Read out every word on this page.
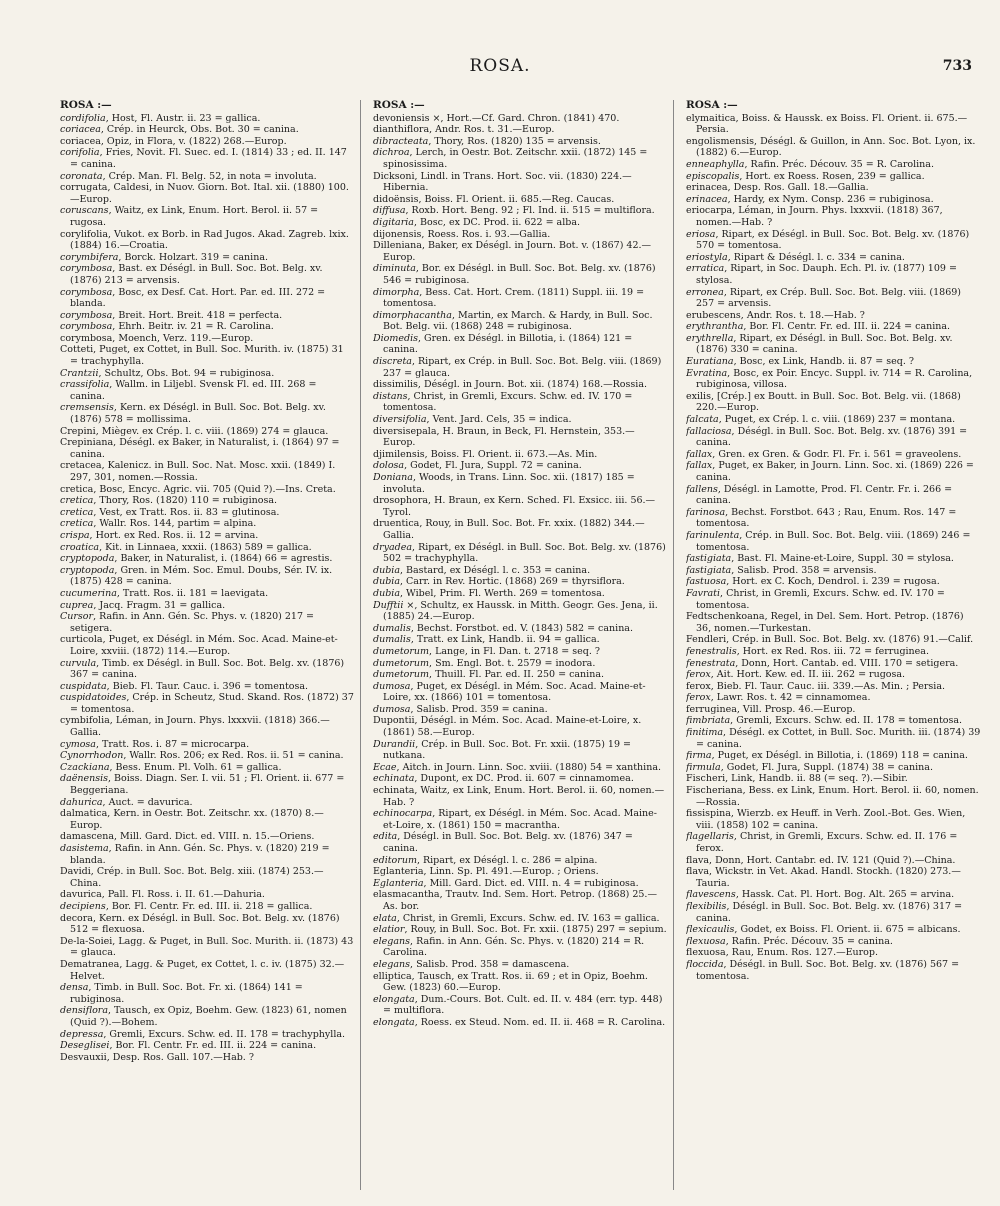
ROSA.	733
ROSA :—

cordifolia, Host, Fl. Austr. ii. 23 = gallica.

coriacea, Crép. in Heurck, Obs. Bot. 30 = canina.

coriacea, Opiz, in Flora, v. (1822) 268.—Europ.

corifolia, Fries, Novit. Fl. Suec. ed. I. (1814) 33 ; ed. II. 147 = canina.

coronata, Crép. Man. Fl. Belg. 52, in nota = involuta.

corrugata, Caldesi, in Nuov. Giorn. Bot. Ital. xii. (1880) 100.—Europ.

coruscans, Waitz, ex Link, Enum. Hort. Berol. ii. 57 = rugosa.

corylifolia, Vukot. ex Borb. in Rad Jugos. Akad. Zagreb. lxix. (1884) 16.—Croatia.

corymbifera, Borck. Holzart. 319 = canina.

corymbosa, Bast. ex Déségl. in Bull. Soc. Bot. Belg. xv. (1876) 213 = arvensis.

corymbosa, Bosc, ex Desf. Cat. Hort. Par. ed. III. 272 = blanda.

corymbosa, Breit. Hort. Breit. 418 = perfecta.

corymbosa, Ehrh. Beitr. iv. 21 = R. Carolina.

corymbosa, Moench, Verz. 119.—Europ.

Cotteti, Puget, ex Cottet, in Bull. Soc. Murith. iv. (1875) 31 = trachyphylla.

Crantzii, Schultz, Obs. Bot. 94 = rubiginosa.

crassifolia, Wallm. in Liljebl. Svensk Fl. ed. III. 268 = canina.

cremsensis, Kern. ex Déségl. in Bull. Soc. Bot. Belg. xv. (1876) 578 = mollissima.

Crepini, Miègev. ex Crép. l. c. viii. (1869) 274 = glauca.

Crepiniana, Déségl. ex Baker, in Naturalist, i. (1864) 97 = canina.

cretacea, Kalenicz. in Bull. Soc. Nat. Mosc. xxii. (1849) I. 297, 301, nomen.—Rossia.

cretica, Bosc, Encyc. Agric. vii. 705 (Quid ?).—Ins. Creta.

cretica, Thory, Ros. (1820) 110 = rubiginosa.

cretica, Vest, ex Tratt. Ros. ii. 83 = glutinosa.

cretica, Wallr. Ros. 144, partim = alpina.

crispa, Hort. ex Red. Ros. ii. 12 = arvina.

croatica, Kit. in Linnaea, xxxii. (1863) 589 = gallica.

cryptopoda, Baker, in Naturalist, i. (1864) 66 = agrestis.

cryptopoda, Gren. in Mém. Soc. Emul. Doubs, Sér. IV. ix. (1875) 428 = canina.

cucumerina, Tratt. Ros. ii. 181 = laevigata.

cuprea, Jacq. Fragm. 31 = gallica.

Cursor, Rafin. in Ann. Gén. Sc. Phys. v. (1820) 217 = setigera.

curticola, Puget, ex Déségl. in Mém. Soc. Acad. Maine-et-Loire, xxviii. (1872) 114.—Europ.

curvula, Timb. ex Déségl. in Bull. Soc. Bot. Belg. xv. (1876) 367 = canina.

cuspidata, Bieb. Fl. Taur. Cauc. i. 396 = tomentosa.

cuspidatoides, Crép. in Scheutz, Stud. Skand. Ros. (1872) 37 = tomentosa.

cymbifolia, Léman, in Journ. Phys. lxxxvii. (1818) 366.—Gallia.

cymosa, Tratt. Ros. i. 87 = microcarpa.

Cynorrhodon, Wallr. Ros. 206; ex Red. Ros. ii. 51 = canina.

Czackiana, Bess. Enum. Pl. Volh. 61 = gallica.

daënensis, Boiss. Diagn. Ser. I. vii. 51 ; Fl. Orient. ii. 677 = Beggeriana.

dahurica, Auct. = davurica.

dalmatica, Kern. in Oestr. Bot. Zeitschr. xx. (1870) 8.—Europ.

damascena, Mill. Gard. Dict. ed. VIII. n. 15.—Oriens.

dasistema, Rafin. in Ann. Gén. Sc. Phys. v. (1820) 219 = blanda.

Davidi, Crép. in Bull. Soc. Bot. Belg. xiii. (1874) 253.—China.

davurica, Pall. Fl. Ross. i. II. 61.—Dahuria.

decipiens, Bor. Fl. Centr. Fr. ed. III. ii. 218 = gallica.

decora, Kern. ex Déségl. in Bull. Soc. Bot. Belg. xv. (1876) 512 = flexuosa.

De-la-Soiei, Lagg. & Puget, in Bull. Soc. Murith. ii. (1873) 43 = glauca.

Dematranea, Lagg. & Puget, ex Cottet, l. c. iv. (1875) 32.—Helvet.

densa, Timb. in Bull. Soc. Bot. Fr. xi. (1864) 141 = rubiginosa.

densiflora, Tausch, ex Opiz, Boehm. Gew. (1823) 61, nomen (Quid ?).—Bohem.

depressa, Gremli, Excurs. Schw. ed. II. 178 = trachyphylla.

Deseglisei, Bor. Fl. Centr. Fr. ed. III. ii. 224 = canina.

Desvauxii, Desp. Ros. Gall. 107.—Hab. ?

ROSA :—

devoniensis ×, Hort.—Cf. Gard. Chron. (1841) 470.

dianthiflora, Andr. Ros. t. 31.—Europ.

dibracteata, Thory, Ros. (1820) 135 = arvensis.

dichroa, Lerch, in Oestr. Bot. Zeitschr. xxii. (1872) 145 = spinosissima.

Dicksoni, Lindl. in Trans. Hort. Soc. vii. (1830) 224.—Hibernia.

didoënsis, Boiss. Fl. Orient. ii. 685.—Reg. Caucas.

diffusa, Roxb. Hort. Beng. 92 ; Fl. Ind. ii. 515 = multiflora.

digitaria, Bosc, ex DC. Prod. ii. 622 = alba.

dijonensis, Roess. Ros. i. 93.—Gallia.

Dilleniana, Baker, ex Déségl. in Journ. Bot. v. (1867) 42.—Europ.

diminuta, Bor. ex Déségl. in Bull. Soc. Bot. Belg. xv. (1876) 546 = rubiginosa.

dimorpha, Bess. Cat. Hort. Crem. (1811) Suppl. iii. 19 = tomentosa.

dimorphacantha, Martin, ex March. & Hardy, in Bull. Soc. Bot. Belg. vii. (1868) 248 = rubiginosa.

Diomedis, Gren. ex Déségl. in Billotia, i. (1864) 121 = canina.

discreta, Ripart, ex Crép. in Bull. Soc. Bot. Belg. viii. (1869) 237 = glauca.

dissimilis, Déségl. in Journ. Bot. xii. (1874) 168.—Rossia.

distans, Christ, in Gremli, Excurs. Schw. ed. IV. 170 = tomentosa.

diversifolia, Vent. Jard. Cels, 35 = indica.

diversisepala, H. Braun, in Beck, Fl. Hernstein, 353.—Europ.

djimilensis, Boiss. Fl. Orient. ii. 673.—As. Min.

dolosa, Godet, Fl. Jura, Suppl. 72 = canina.

Doniana, Woods, in Trans. Linn. Soc. xii. (1817) 185 = involuta.

drosophora, H. Braun, ex Kern. Sched. Fl. Exsicc. iii. 56.—Tyrol.

druentica, Rouy, in Bull. Soc. Bot. Fr. xxix. (1882) 344.—Gallia.

dryadea, Ripart, ex Déségl. in Bull. Soc. Bot. Belg. xv. (1876) 502 = trachyphylla.

dubia, Bastard, ex Déségl. l. c. 353 = canina.

dubia, Carr. in Rev. Hortic. (1868) 269 = thyrsiflora.

dubia, Wibel, Prim. Fl. Werth. 269 = tomentosa.

Dufftii ×, Schultz, ex Haussk. in Mitth. Geogr. Ges. Jena, ii. (1885) 24.—Europ.

dumalis, Bechst. Forstbot. ed. V. (1843) 582 = canina.

dumalis, Tratt. ex Link, Handb. ii. 94 = gallica.

dumetorum, Lange, in Fl. Dan. t. 2718 = seq. ?

dumetorum, Sm. Engl. Bot. t. 2579 = inodora.

dumetorum, Thuill. Fl. Par. ed. II. 250 = canina.

dumosa, Puget, ex Déségl. in Mém. Soc. Acad. Maine-et-Loire, xx. (1866) 101 = tomentosa.

dumosa, Salisb. Prod. 359 = canina.

Dupontii, Déségl. in Mém. Soc. Acad. Maine-et-Loire, x. (1861) 58.—Europ.

Durandii, Crép. in Bull. Soc. Bot. Fr. xxii. (1875) 19 = nutkana.

Ecae, Aitch. in Journ. Linn. Soc. xviii. (1880) 54 = xanthina.

echinata, Dupont, ex DC. Prod. ii. 607 = cinnamomea.

echinata, Waitz, ex Link, Enum. Hort. Berol. ii. 60, nomen.—Hab. ?

echinocarpa, Ripart, ex Déségl. in Mém. Soc. Acad. Maine-et-Loire, x. (1861) 150 = macrantha.

edita, Déségl. in Bull. Soc. Bot. Belg. xv. (1876) 347 = canina.

editorum, Ripart, ex Déségl. l. c. 286 = alpina.

Eglanteria, Linn. Sp. Pl. 491.—Europ. ; Oriens.

Eglanteria, Mill. Gard. Dict. ed. VIII. n. 4 = rubiginosa.

elasmacantha, Trautv. Ind. Sem. Hort. Petrop. (1868) 25.—As. bor.

elata, Christ, in Gremli, Excurs. Schw. ed. IV. 163 = gallica.

elatior, Rouy, in Bull. Soc. Bot. Fr. xxii. (1875) 297 = sepium.

elegans, Rafin. in Ann. Gén. Sc. Phys. v. (1820) 214 = R. Carolina.

elegans, Salisb. Prod. 358 = damascena.

elliptica, Tausch, ex Tratt. Ros. ii. 69 ; et in Opiz, Boehm. Gew. (1823) 60.—Europ.

elongata, Dum.-Cours. Bot. Cult. ed. II. v. 484 (err. typ. 448) = multiflora.

elongata, Roess. ex Steud. Nom. ed. II. ii. 468 = R. Carolina.

ROSA :—

elymaitica, Boiss. & Haussk. ex Boiss. Fl. Orient. ii. 675.—Persia.

engolismensis, Déségl. & Guillon, in Ann. Soc. Bot. Lyon, ix. (1882) 6.—Europ.

enneaphylla, Rafin. Préc. Découv. 35 = R. Carolina.

episcopalis, Hort. ex Roess. Rosen, 239 = gallica.

erinacea, Desp. Ros. Gall. 18.—Gallia.

erinacea, Hardy, ex Nym. Consp. 236 = rubiginosa.

eriocarpa, Léman, in Journ. Phys. lxxxvii. (1818) 367, nomen.—Hab. ?

eriosa, Ripart, ex Déségl. in Bull. Soc. Bot. Belg. xv. (1876) 570 = tomentosa.

eriostyla, Ripart & Déségl. l. c. 334 = canina.

erratica, Ripart, in Soc. Dauph. Ech. Pl. iv. (1877) 109 = stylosa.

erronea, Ripart, ex Crép. Bull. Soc. Bot. Belg. viii. (1869) 257 = arvensis.

erubescens, Andr. Ros. t. 18.—Hab. ?

erythrantha, Bor. Fl. Centr. Fr. ed. III. ii. 224 = canina.

erythrella, Ripart, ex Déségl. in Bull. Soc. Bot. Belg. xv. (1876) 330 = canina.

Euratiana, Bosc, ex Link, Handb. ii. 87 = seq. ?

Evratina, Bosc, ex Poir. Encyc. Suppl. iv. 714 = R. Carolina, rubiginosa, villosa.

exilis, [Crép.] ex Boutt. in Bull. Soc. Bot. Belg. vii. (1868) 220.—Europ.

falcata, Puget, ex Crép. l. c. viii. (1869) 237 = montana.

fallaciosa, Déségl. in Bull. Soc. Bot. Belg. xv. (1876) 391 = canina.

fallax, Gren. ex Gren. & Godr. Fl. Fr. i. 561 = graveolens.

fallax, Puget, ex Baker, in Journ. Linn. Soc. xi. (1869) 226 = canina.

fallens, Déségl. in Lamotte, Prod. Fl. Centr. Fr. i. 266 = canina.

farinosa, Bechst. Forstbot. 643 ; Rau, Enum. Ros. 147 = tomentosa.

farinulenta, Crép. in Bull. Soc. Bot. Belg. viii. (1869) 246 = tomentosa.

fastigiata, Bast. Fl. Maine-et-Loire, Suppl. 30 = stylosa.

fastigiata, Salisb. Prod. 358 = arvensis.

fastuosa, Hort. ex C. Koch, Dendrol. i. 239 = rugosa.

Favrati, Christ, in Gremli, Excurs. Schw. ed. IV. 170 = tomentosa.

Fedtschenkoana, Regel, in Del. Sem. Hort. Petrop. (1876) 36, nomen.—Turkestan.

Fendleri, Crép. in Bull. Soc. Bot. Belg. xv. (1876) 91.—Calif.

fenestralis, Hort. ex Red. Ros. iii. 72 = ferruginea.

fenestrata, Donn, Hort. Cantab. ed. VIII. 170 = setigera.

ferox, Ait. Hort. Kew. ed. II. iii. 262 = rugosa.

ferox, Bieb. Fl. Taur. Cauc. iii. 339.—As. Min. ; Persia.

ferox, Lawr. Ros. t. 42 = cinnamomea.

ferruginea, Vill. Prosp. 46.—Europ.

fimbriata, Gremli, Excurs. Schw. ed. II. 178 = tomentosa.

finitima, Déségl. ex Cottet, in Bull. Soc. Murith. iii. (1874) 39 = canina.

firma, Puget, ex Déségl. in Billotia, i. (1869) 118 = canina.

firmula, Godet, Fl. Jura, Suppl. (1874) 38 = canina.

Fischeri, Link, Handb. ii. 88 (= seq. ?).—Sibir.

Fischeriana, Bess. ex Link, Enum. Hort. Berol. ii. 60, nomen.—Rossia.

fissispina, Wierzb. ex Heuff. in Verh. Zool.-Bot. Ges. Wien, viii. (1858) 102 = canina.

flagellaris, Christ, in Gremli, Excurs. Schw. ed. II. 176 = ferox.

flava, Donn, Hort. Cantabr. ed. IV. 121 (Quid ?).—China.

flava, Wickstr. in Vet. Akad. Handl. Stockh. (1820) 273.—Tauria.

flavescens, Hassk. Cat. Pl. Hort. Bog. Alt. 265 = arvina.

flexibilis, Déségl. in Bull. Soc. Bot. Belg. xv. (1876) 317 = canina.

flexicaulis, Godet, ex Boiss. Fl. Orient. ii. 675 = albicans.

flexuosa, Rafin. Préc. Découv. 35 = canina.

flexuosa, Rau, Enum. Ros. 127.—Europ.

floccida, Déségl. in Bull. Soc. Bot. Belg. xv. (1876) 567 = tomentosa.
